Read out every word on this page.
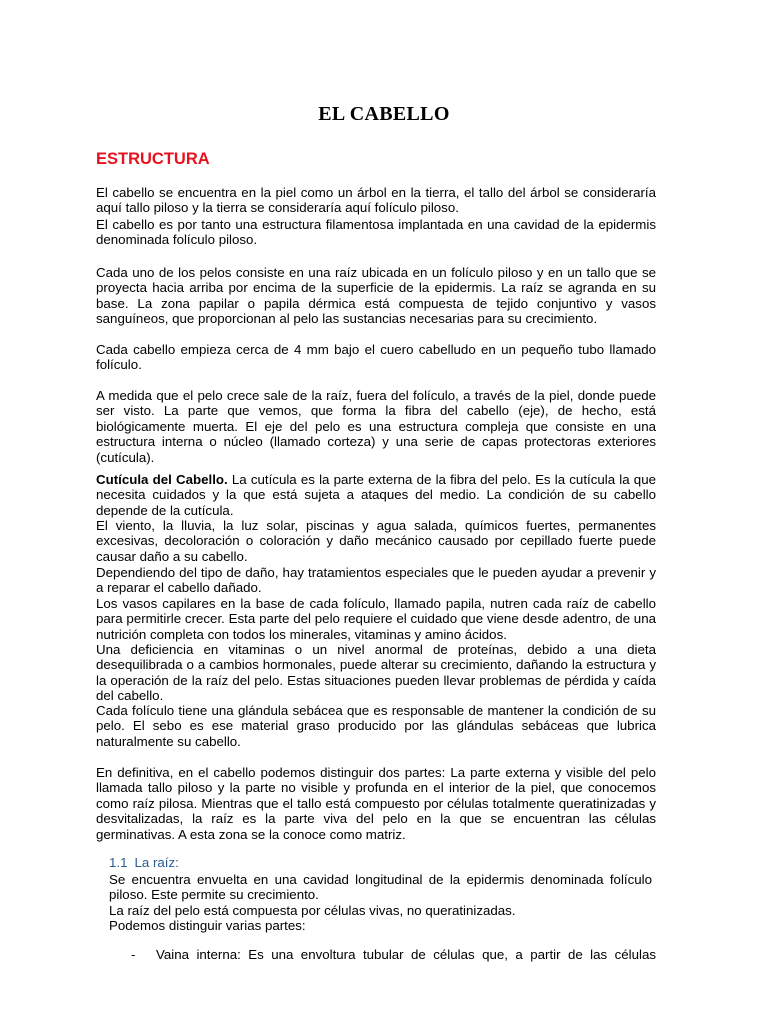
EL CABELLO
ESTRUCTURA

El cabello se encuentra en la piel como un árbol en la tierra, el tallo del árbol se consideraría aquí tallo piloso y la tierra se consideraría aquí folículo piloso.

El cabello es por tanto una estructura filamentosa implantada en una cavidad de la epidermis denominada folículo piloso.

Cada uno de los pelos consiste en una raíz ubicada en un folículo piloso y en un tallo que se proyecta hacia arriba por encima de la superficie de la epidermis. La raíz se agranda en su base. La zona papilar o papila dérmica está compuesta de tejido conjuntivo y vasos sanguíneos, que proporcionan al pelo las sustancias necesarias para su crecimiento.

Cada cabello empieza cerca de 4 mm bajo el cuero cabelludo en un pequeño tubo llamado folículo.

A medida que el pelo crece sale de la raíz, fuera del folículo, a través de la piel, donde puede ser visto. La parte que vemos, que forma la fibra del cabello (eje), de hecho, está biológicamente muerta. El eje del pelo es una estructura compleja que consiste en una estructura interna o núcleo (llamado corteza) y una serie de capas protectoras exteriores (cutícula).

Cutícula del Cabello. La cutícula es la parte externa de la fibra del pelo. Es la cutícula la que necesita cuidados y la que está sujeta a ataques del medio. La condición de su cabello depende de la cutícula.

El viento, la lluvia, la luz solar, piscinas y agua salada, químicos fuertes, permanentes excesivas, decoloración o coloración y daño mecánico causado por cepillado fuerte puede causar daño a su cabello.

Dependiendo del tipo de daño, hay tratamientos especiales que le pueden ayudar a prevenir y a reparar el cabello dañado.

Los vasos capilares en la base de cada folículo, llamado papila, nutren cada raíz de cabello para permitirle crecer. Esta parte del pelo requiere el cuidado que viene desde adentro, de una nutrición completa con todos los minerales, vitaminas y amino ácidos.

Una deficiencia en vitaminas o un nivel anormal de proteínas, debido a una dieta desequilibrada o a cambios hormonales, puede alterar su crecimiento, dañando la estructura y la operación de la raíz del pelo. Estas situaciones pueden llevar problemas de pérdida y caída del cabello.

Cada folículo tiene una glándula sebácea que es responsable de mantener la condición de su pelo. El sebo es ese material graso producido por las glándulas sebáceas que lubrica naturalmente su cabello.

En definitiva, en el cabello podemos distinguir dos partes: La parte externa y visible del pelo llamada tallo piloso y la parte no visible y profunda en el interior de la piel, que conocemos como raíz pilosa. Mientras que el tallo está compuesto por células totalmente queratinizadas y desvitalizadas, la raíz es la parte viva del pelo en la que se encuentran las células germinativas. A esta zona se la conoce como matriz.

1.1 La raíz:

Se encuentra envuelta en una cavidad longitudinal de la epidermis denominada folículo piloso. Este permite su crecimiento.

La raíz del pelo está compuesta por células vivas, no queratinizadas.

Podemos distinguir varias partes:

- Vaina interna: Es una envoltura tubular de células que, a partir de las células
